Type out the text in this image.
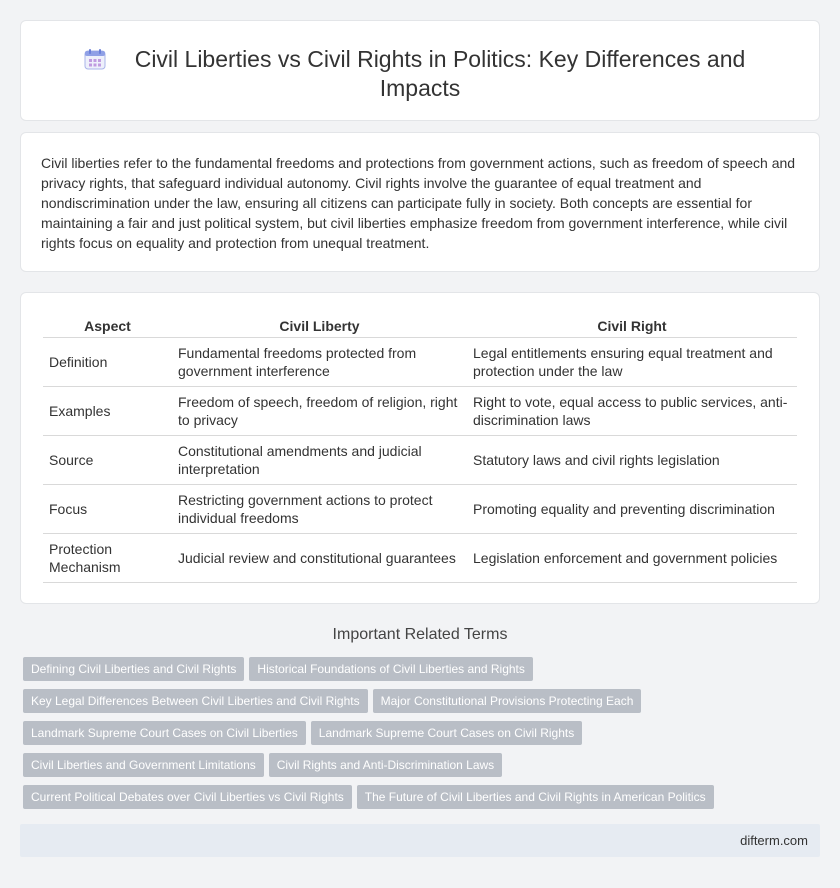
Civil Liberties vs Civil Rights in Politics: Key Differences and Impacts

Civil liberties refer to the fundamental freedoms and protections from government actions, such as freedom of speech and privacy rights, that safeguard individual autonomy. Civil rights involve the guarantee of equal treatment and nondiscrimination under the law, ensuring all citizens can participate fully in society. Both concepts are essential for maintaining a fair and just political system, but civil liberties emphasize freedom from government interference, while civil rights focus on equality and protection from unequal treatment.

Aspect	Civil Liberty	Civil Right
Definition	Fundamental freedoms protected from government interference	Legal entitlements ensuring equal treatment and protection under the law
Examples	Freedom of speech, freedom of religion, right to privacy	Right to vote, equal access to public services, anti-discrimination laws
Source	Constitutional amendments and judicial interpretation	Statutory laws and civil rights legislation
Focus	Restricting government actions to protect individual freedoms	Promoting equality and preventing discrimination
Protection Mechanism	Judicial review and constitutional guarantees	Legislation enforcement and government policies
Important Related Terms
Defining Civil Liberties and Civil Rights Historical Foundations of Civil Liberties and Rights
Key Legal Differences Between Civil Liberties and Civil Rights Major Constitutional Provisions Protecting Each
Landmark Supreme Court Cases on Civil Liberties Landmark Supreme Court Cases on Civil Rights
Civil Liberties and Government Limitations Civil Rights and Anti-Discrimination Laws
Current Political Debates over Civil Liberties vs Civil Rights The Future of Civil Liberties and Civil Rights in American Politics
difterm.com
